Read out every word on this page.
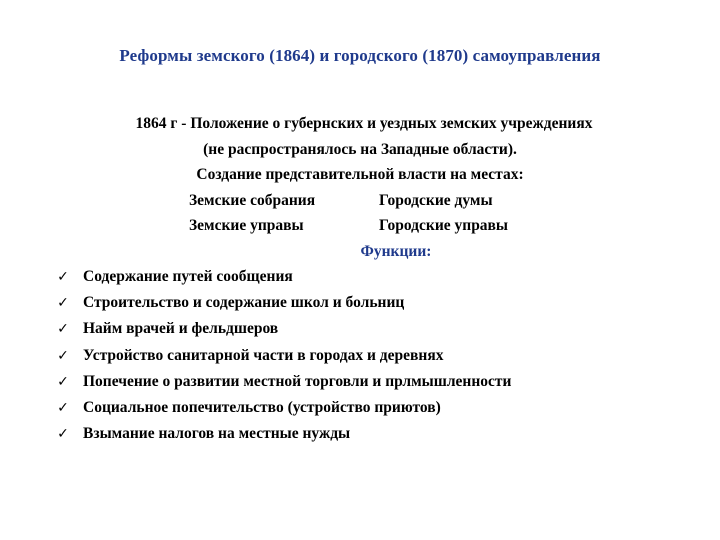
Реформы земского (1864) и городского (1870) самоуправления
1864 г - Положение о губернских и уездных земских учреждениях
(не распространялось на Западные области).
Создание представительной власти на местах:
Земские собрания	Городские думы
Земские управы	Городские управы
Функции:
✓ Содержание путей сообщения
✓ Строительство и содержание школ и больниц
✓ Найм врачей и фельдшеров
✓ Устройство санитарной части в городах и деревнях
✓ Попечение о развитии местной торговли и прлмышленности
✓ Социальное попечительство (устройство приютов)
✓ Взымание налогов на местные нужды
